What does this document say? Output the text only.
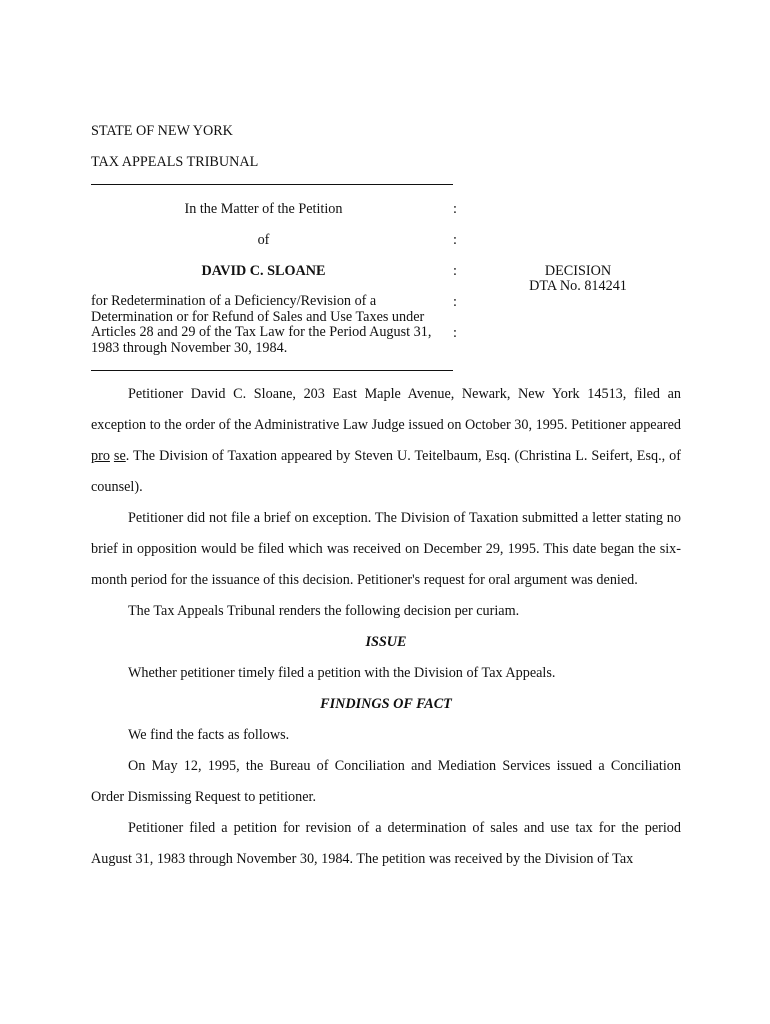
STATE OF NEW YORK
TAX APPEALS TRIBUNAL
In the Matter of the Petition
of
DAVID C. SLOANE
for Redetermination of a Deficiency/Revision of a Determination or for Refund of Sales and Use Taxes under Articles 28 and 29 of the Tax Law for the Period August 31, 1983 through November 30, 1984.
:
:
:
:
:
DECISION
DTA No. 814241

Petitioner David C. Sloane, 203 East Maple Avenue, Newark, New York 14513, filed an exception to the order of the Administrative Law Judge issued on October 30, 1995. Petitioner appeared pro se. The Division of Taxation appeared by Steven U. Teitelbaum, Esq. (Christina L. Seifert, Esq., of counsel).

Petitioner did not file a brief on exception. The Division of Taxation submitted a letter stating no brief in opposition would be filed which was received on December 29, 1995. This date began the six-month period for the issuance of this decision. Petitioner's request for oral argument was denied.

The Tax Appeals Tribunal renders the following decision per curiam.

ISSUE

Whether petitioner timely filed a petition with the Division of Tax Appeals.

FINDINGS OF FACT

We find the facts as follows.

On May 12, 1995, the Bureau of Conciliation and Mediation Services issued a Conciliation Order Dismissing Request to petitioner.

Petitioner filed a petition for revision of a determination of sales and use tax for the period August 31, 1983 through November 30, 1984. The petition was received by the Division of Tax
